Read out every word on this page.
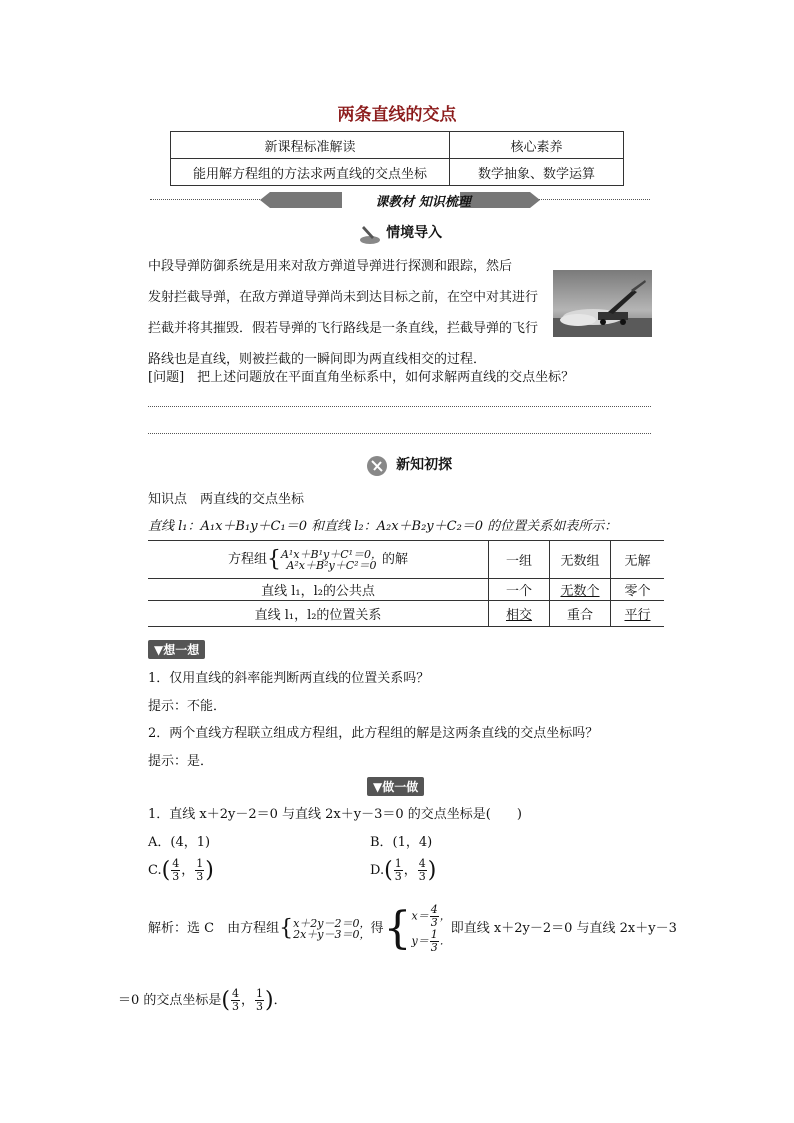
两条直线的交点
新课程标准解读	核心素养
能用解方程组的方法求两直线的交点坐标	数学抽象、数学运算
课教材 知识梳理
情境导入
中段导弹防御系统是用来对敌方弹道导弹进行探测和跟踪，然后
发射拦截导弹，在敌方弹道导弹尚未到达目标之前，在空中对其进行
拦截并将其摧毁．假若导弹的飞行路线是一条直线，拦截导弹的飞行
路线也是直线，则被拦截的一瞬间即为两直线相交的过程．
[问题]　把上述问题放在平面直角坐标系中，如何求解两直线的交点坐标？
新知初探
知识点　两直线的交点坐标
直线 l₁：A₁x＋B₁y＋C₁＝0 和直线 l₂：A₂x＋B₂y＋C₂＝0 的位置关系如表所示：
方程组{ A¹x＋B¹y＋C¹＝0，
A²x＋B²y＋C²＝0 的解	一组	无数组	无解
直线 l₁，l₂的公共点	一个	无数个	零个
直线 l₁，l₂的位置关系	相交	重合	平行
▼想一想
1．仅用直线的斜率能判断两直线的位置关系吗？
提示：不能．
2．两个直线方程联立组成方程组，此方程组的解是这两条直线的交点坐标吗？
提示：是．
▼做一做
1．直线 x＋2y－2＝0 与直线 2x＋y－3＝0 的交点坐标是(　　)
A．(4，1)	B．(1，4)
$C.( \frac{4}{3}$ ， $\frac{1}{3}$ )	$D.( \frac{1}{3}$ ， $\frac{4}{3}$ )
解析：选 C　由方程组{ x＋2y－2＝0，
2x＋y－3＝0， 得{ $x= \frac{4}{3}$ ，
$y= \frac{1}{3}$ ．
即直线 x＋2y－2＝0 与直线 2x＋y－3
＝0 的交点坐标是( $\frac{4}{3}$ ， $\frac{1}{3}$ )．
